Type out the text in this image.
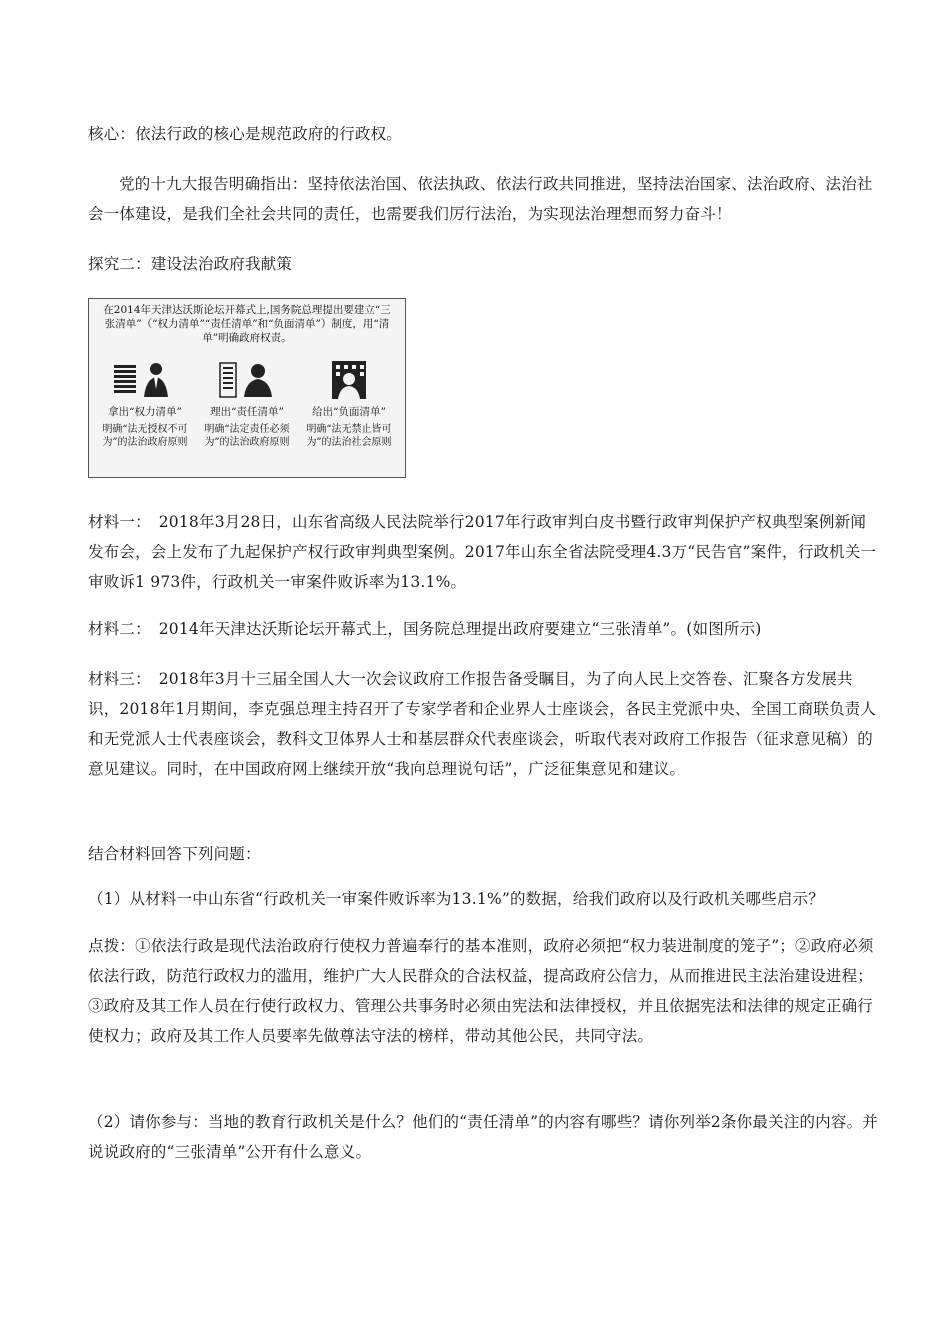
核心：依法行政的核心是规范政府的行政权。

党的十九大报告明确指出：坚持依法治国、依法执政、依法行政共同推进，坚持法治国家、法治政府、法治社会一体建设，是我们全社会共同的责任，也需要我们厉行法治，为实现法治理想而努力奋斗！

探究二：建设法治政府我献策

在2014年天津达沃斯论坛开幕式上,国务院总理提出要建立“三张清单”（“权力清单”“责任清单”和“负面清单”）制度，用“清单”明确政府权责。
拿出“权力清单”
明确“法无授权不可为”的法治政府原则
理出“责任清单”
明确“法定责任必须为”的法治政府原则
给出“负面清单”
明确“法无禁止皆可为”的法治社会原则

材料一：　2018年3月28日，山东省高级人民法院举行2017年行政审判白皮书暨行政审判保护产权典型案例新闻发布会，会上发布了九起保护产权行政审判典型案例。2017年山东全省法院受理4.3万“民告官”案件，行政机关一审败诉1 973件，行政机关一审案件败诉率为13.1%。

材料二：　2014年天津达沃斯论坛开幕式上，国务院总理提出政府要建立“三张清单”。(如图所示)

材料三：　2018年3月十三届全国人大一次会议政府工作报告备受瞩目，为了向人民上交答卷、汇聚各方发展共识，2018年1月期间，李克强总理主持召开了专家学者和企业界人士座谈会，各民主党派中央、全国工商联负责人和无党派人士代表座谈会，教科文卫体界人士和基层群众代表座谈会，听取代表对政府工作报告（征求意见稿）的意见建议。同时，在中国政府网上继续开放“我向总理说句话”，广泛征集意见和建议。

结合材料回答下列问题：

（1）从材料一中山东省“行政机关一审案件败诉率为13.1%”的数据，给我们政府以及行政机关哪些启示？

点拨：①依法行政是现代法治政府行使权力普遍奉行的基本准则，政府必须把“权力装进制度的笼子”；②政府必须依法行政，防范行政权力的滥用，维护广大人民群众的合法权益，提高政府公信力，从而推进民主法治建设进程；③政府及其工作人员在行使行政权力、管理公共事务时必须由宪法和法律授权，并且依据宪法和法律的规定正确行使权力；政府及其工作人员要率先做尊法守法的榜样，带动其他公民，共同守法。

（2）请你参与：当地的教育行政机关是什么？他们的“责任清单”的内容有哪些？请你列举2条你最关注的内容。并说说政府的“三张清单”公开有什么意义。
